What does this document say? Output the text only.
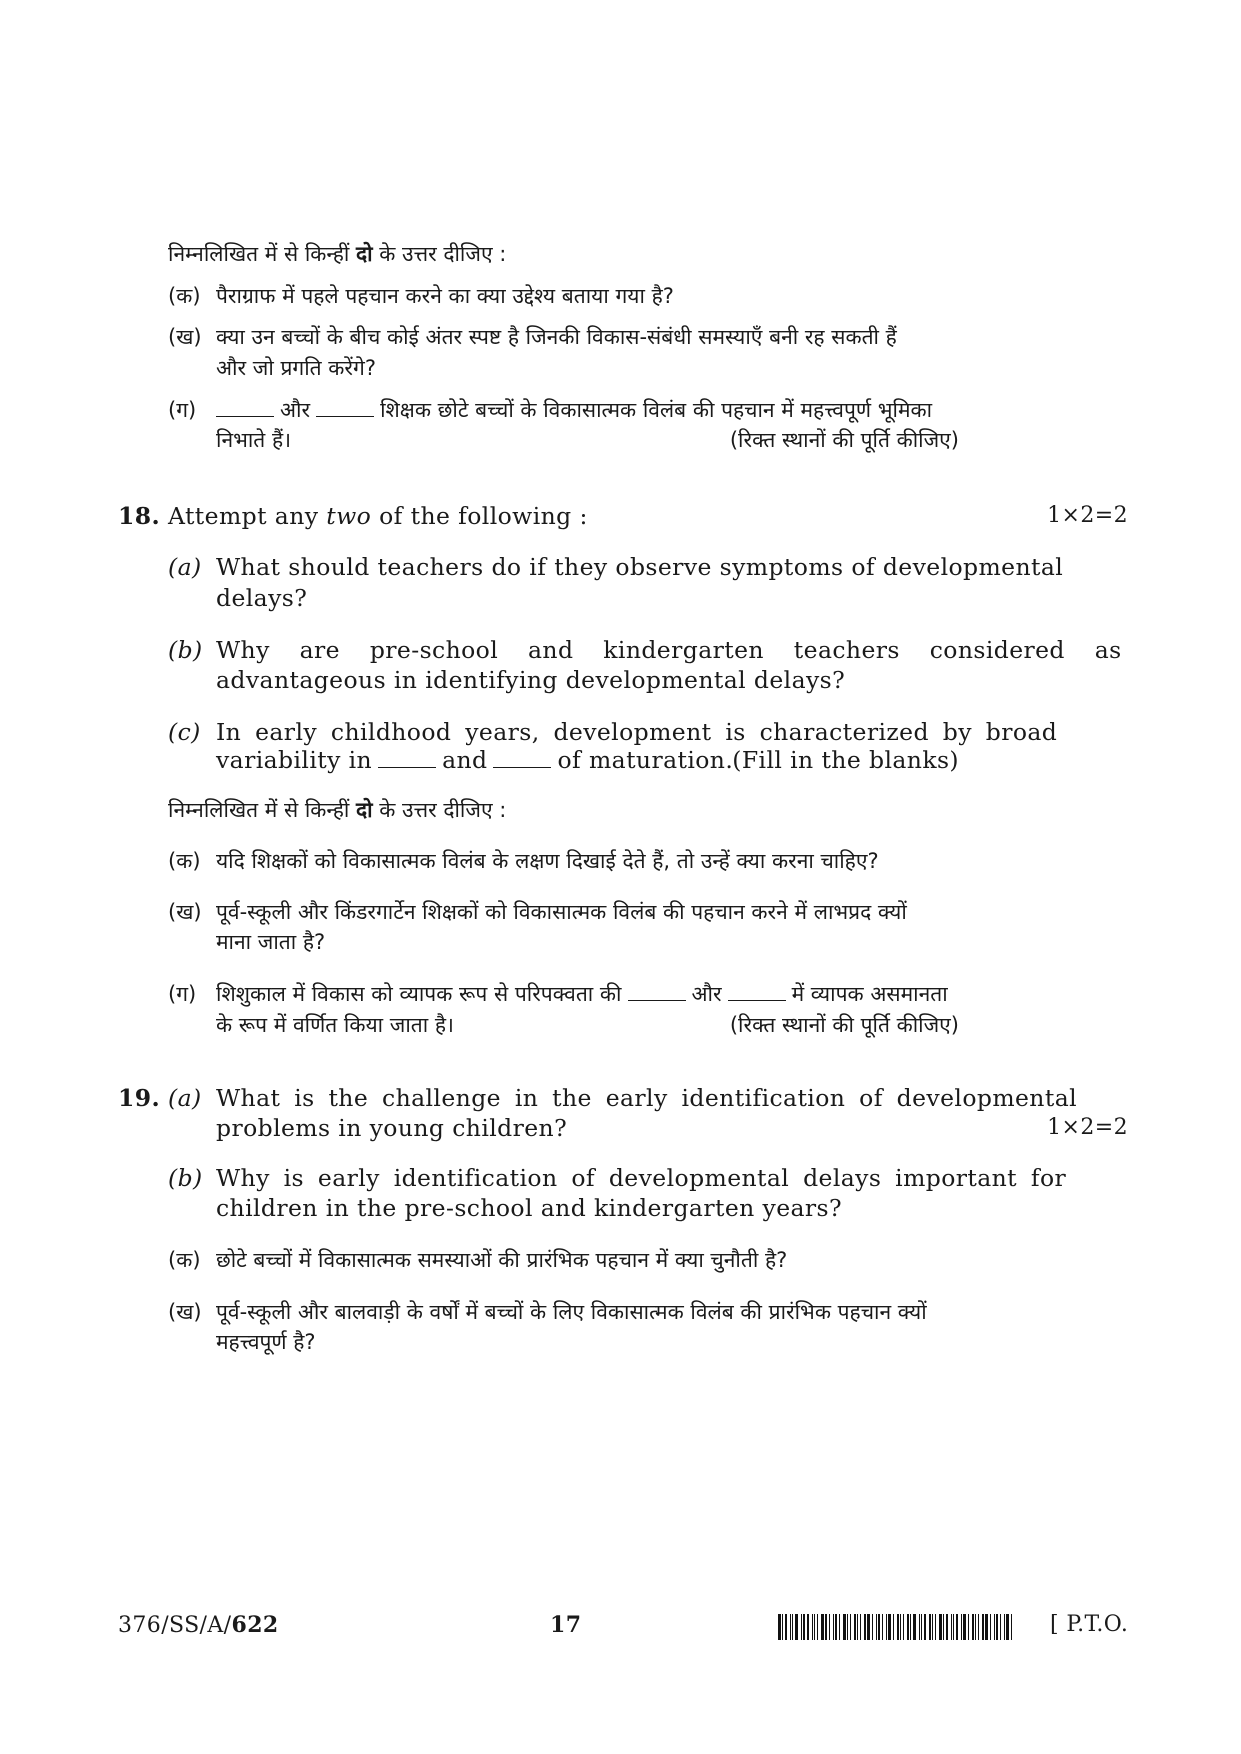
निम्नलिखित में से किन्हीं दो के उत्तर दीजिए :
(क) पैराग्राफ में पहले पहचान करने का क्या उद्देश्य बताया गया है?
(ख) क्या उन बच्चों के बीच कोई अंतर स्पष्ट है जिनकी विकास-संबंधी समस्याएँ बनी रह सकती हैं
और जो प्रगति करेंगे?
(ग)	और	शिक्षक छोटे बच्चों के विकासात्मक विलंब की पहचान में महत्त्वपूर्ण भूमिका
निभाते हैं।	(रिक्त स्थानों की पूर्ति कीजिए)
18. Attempt any two of the following :	1×2=2
(a) What should teachers do if they observe symptoms of developmental
delays?
(b) Why are pre-school and kindergarten teachers considered as
advantageous in identifying developmental delays?
(c) In early childhood years, development is characterized by broad
variability in	and	of maturation. (Fill in the blanks)
निम्नलिखित में से किन्हीं दो के उत्तर दीजिए :
(क) यदि शिक्षकों को विकासात्मक विलंब के लक्षण दिखाई देते हैं, तो उन्हें क्या करना चाहिए?
(ख) पूर्व-स्कूली और किंडरगार्टेन शिक्षकों को विकासात्मक विलंब की पहचान करने में लाभप्रद क्यों
माना जाता है?
(ग) शिशुकाल में विकास को व्यापक रूप से परिपक्वता की	और	में व्यापक असमानता
के रूप में वर्णित किया जाता है।	(रिक्त स्थानों की पूर्ति कीजिए)
19. (a) What is the challenge in the early identification of developmental
problems in young children?	1×2=2
(b) Why is early identification of developmental delays important for
children in the pre-school and kindergarten years?
(क) छोटे बच्चों में विकासात्मक समस्याओं की प्रारंभिक पहचान में क्या चुनौती है?
(ख) पूर्व-स्कूली और बालवाड़ी के वर्षों में बच्चों के लिए विकासात्मक विलंब की प्रारंभिक पहचान क्यों
महत्त्वपूर्ण है?
376/SS/A/622	17	[ P.T.O.
